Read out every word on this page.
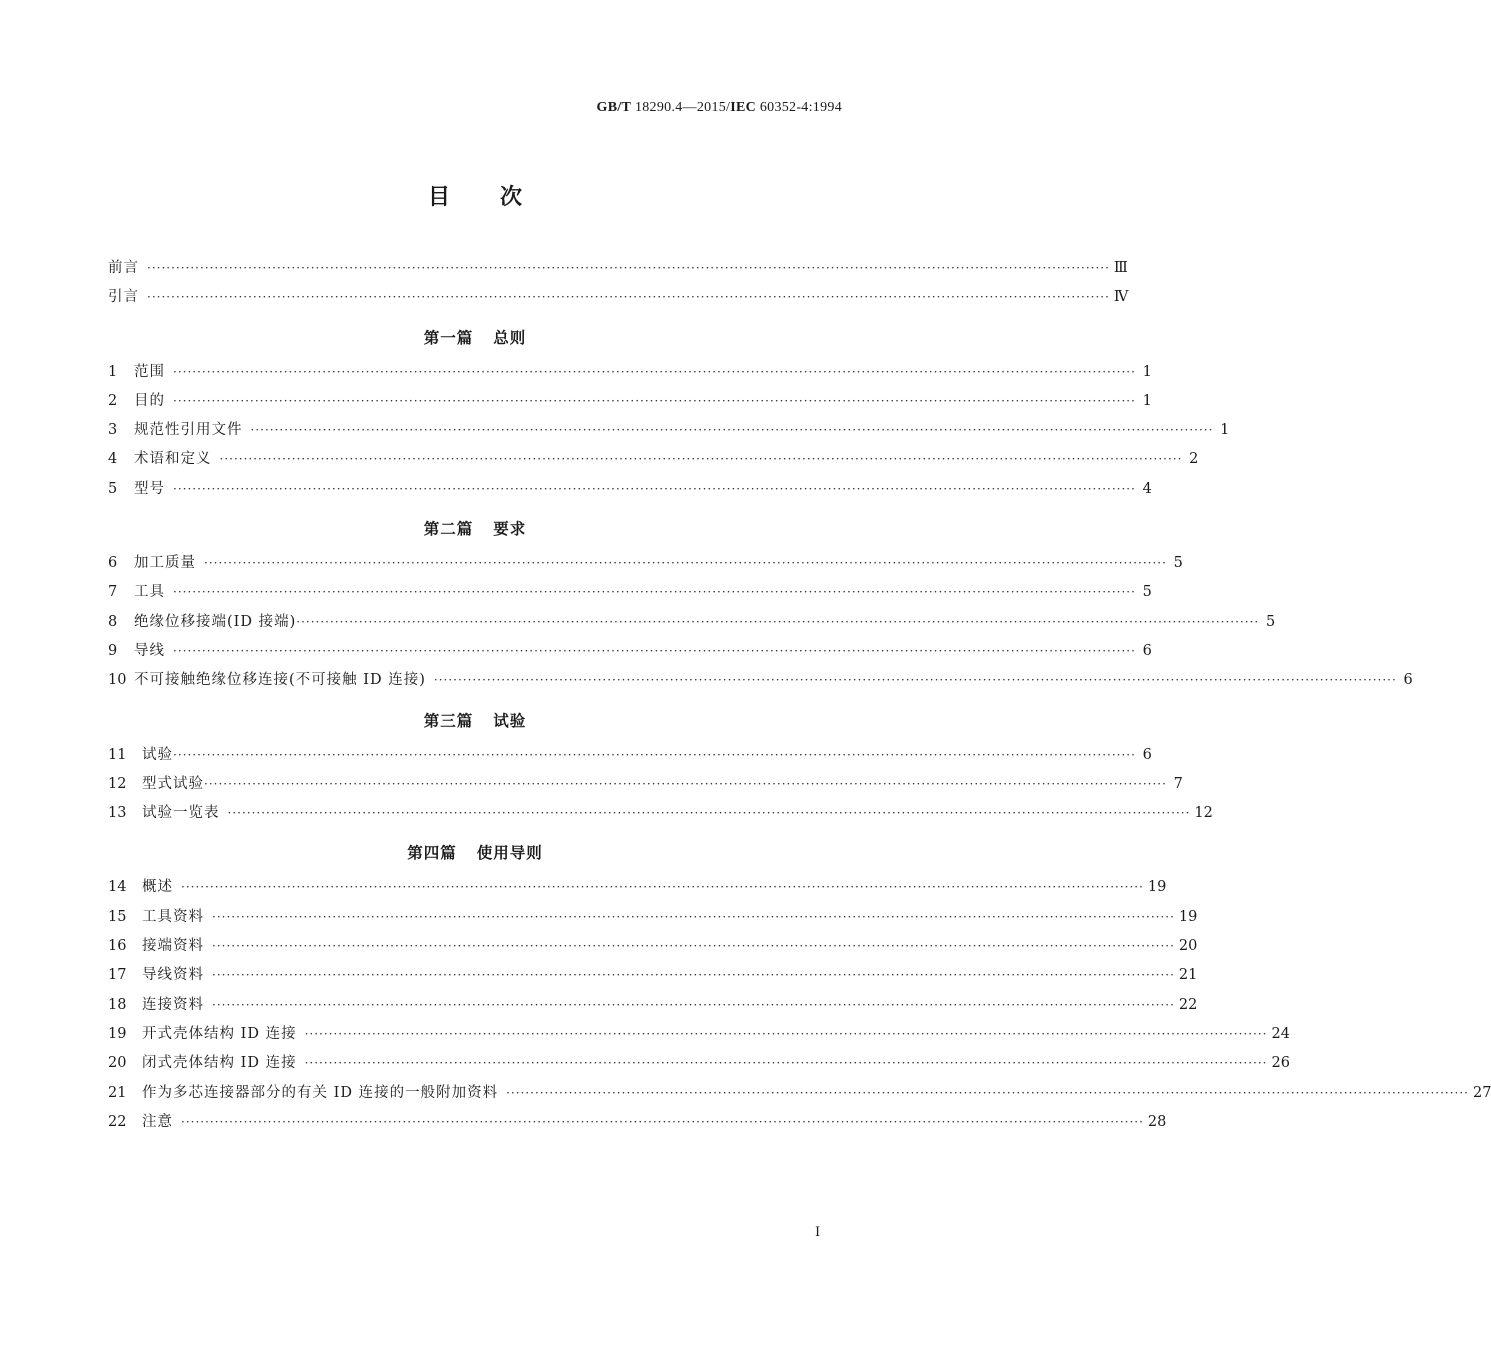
GB/T 18290.4—2015/IEC 60352-4:1994
目次
前言 ········································································································································································································ Ⅲ
引言 ········································································································································································································ Ⅳ
第一篇 总则
1	范围 ········································································································································································································ 1
2	目的 ········································································································································································································ 1
3	规范性引用文件 ········································································································································································································ 1
4	术语和定义 ········································································································································································································ 2
5	型号 ········································································································································································································ 4
第二篇 要求
6	加工质量 ········································································································································································································ 5
7	工具 ········································································································································································································ 5
8	绝缘位移接端(ID 接端) ········································································································································································································ 5
9	导线 ········································································································································································································ 6
10 不可接触绝缘位移连接(不可接触 ID 连接) ········································································································································································································ 6
第三篇 试验
11	试验 ········································································································································································································ 6
12	型式试验 ········································································································································································································ 7
13	试验一览表 ········································································································································································································ 12
第四篇 使用导则
14	概述 ········································································································································································································ 19
15	工具资料 ········································································································································································································ 19
16	接端资料 ········································································································································································································ 20
17	导线资料 ········································································································································································································ 21
18	连接资料 ········································································································································································································ 22
19	开式壳体结构 ID 连接 ········································································································································································································ 24
20	闭式壳体结构 ID 连接 ········································································································································································································ 26
21	作为多芯连接器部分的有关 ID 连接的一般附加资料 ········································································································································································································ 27
22	注意 ········································································································································································································ 28
I
